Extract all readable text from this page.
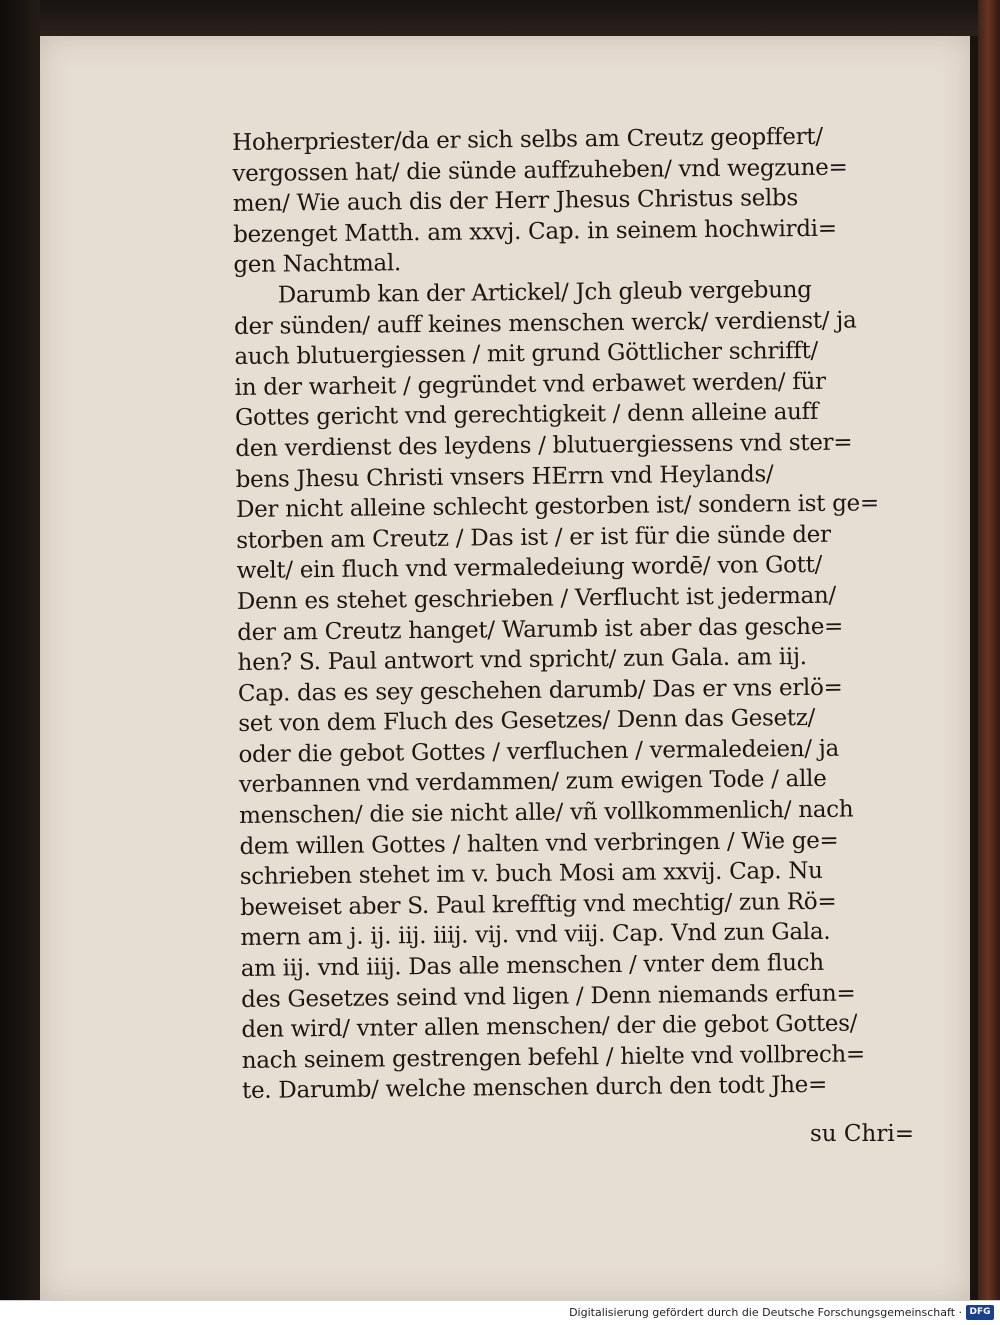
Hoherpriester/da er sich selbs am Creutz geopffert/
vergossen hat/ die sünde auffzuheben/ vnd wegzune=
men/ Wie auch dis der Herr Jhesus Christus selbs
bezenget Matth. am xxvj. Cap. in seinem hochwirdi=
gen Nachtmal.
Darumb kan der Artickel/ Jch gleub vergebung
der sünden/ auff keines menschen werck/ verdienst/ ja
auch blutuergiessen / mit grund Göttlicher schrifft/
in der warheit / gegründet vnd erbawet werden/ für
Gottes gericht vnd gerechtigkeit / denn alleine auff
den verdienst des leydens / blutuergiessens vnd ster=
bens Jhesu Christi vnsers HErrn vnd Heylands/
Der nicht alleine schlecht gestorben ist/ sondern ist ge=
storben am Creutz / Das ist / er ist für die sünde der
welt/ ein fluch vnd vermaledeiung wordē/ von Gott/
Denn es stehet geschrieben / Verflucht ist jederman/
der am Creutz hanget/ Warumb ist aber das gesche=
hen? S. Paul antwort vnd spricht/ zun Gala. am iij.
Cap. das es sey geschehen darumb/ Das er vns erlö=
set von dem Fluch des Gesetzes/ Denn das Gesetz/
oder die gebot Gottes / verfluchen / vermaledeien/ ja
verbannen vnd verdammen/ zum ewigen Tode / alle
menschen/ die sie nicht alle/ vñ vollkommenlich/ nach
dem willen Gottes / halten vnd verbringen / Wie ge=
schrieben stehet im v. buch Mosi am xxvij. Cap. Nu
beweiset aber S. Paul krefftig vnd mechtig/ zun Rö=
mern am j. ij. iij. iiij. vij. vnd viij. Cap. Vnd zun Gala.
am iij. vnd iiij. Das alle menschen / vnter dem fluch
des Gesetzes seind vnd ligen / Denn niemands erfun=
den wird/ vnter allen menschen/ der die gebot Gottes/
nach seinem gestrengen befehl / hielte vnd vollbrech=
te. Darumb/ welche menschen durch den todt Jhe=
su Chri=
Digitalisierung gefördert durch die Deutsche Forschungsgemeinschaft · DFG
